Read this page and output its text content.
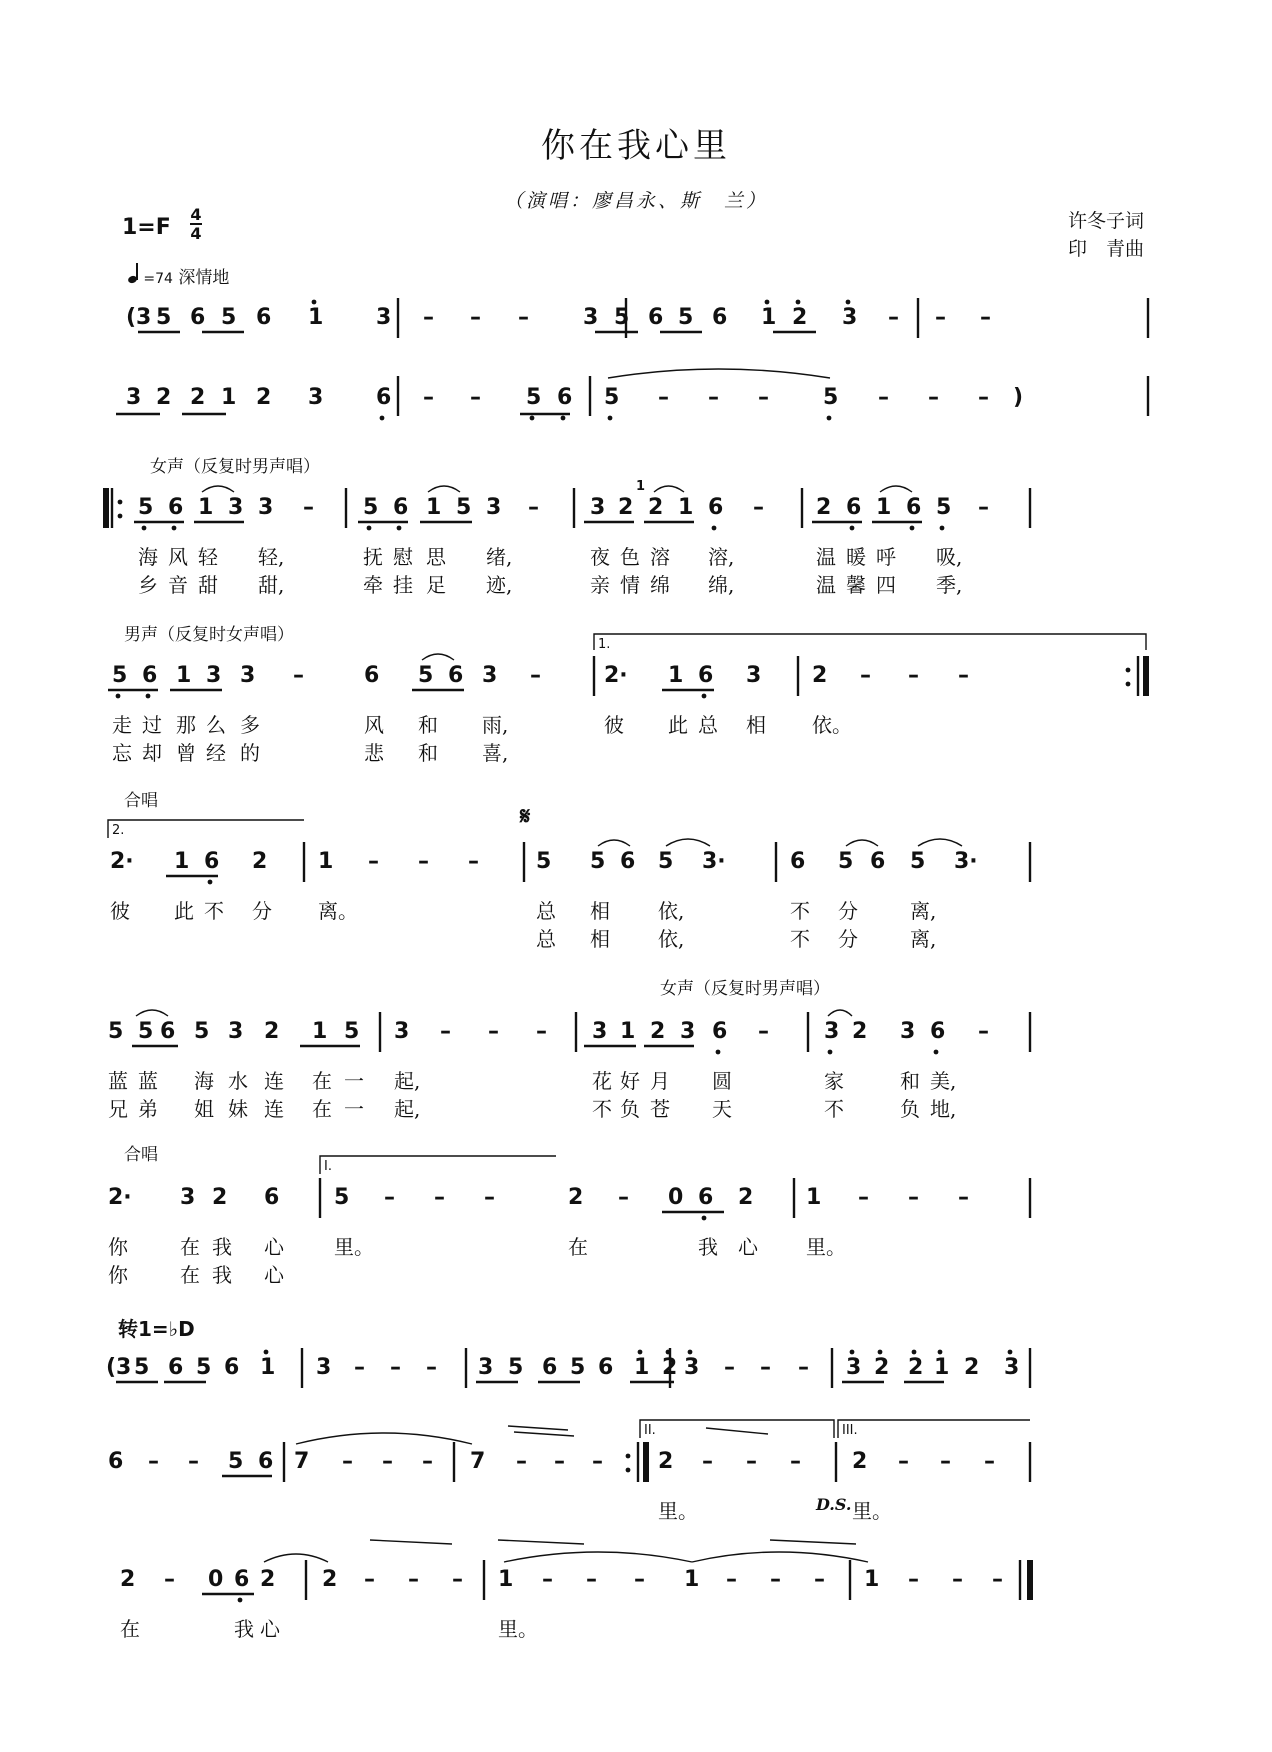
你在我心里
（演唱：廖昌永、斯　兰）
许冬子词
印　青曲
1=F
4
4
=74 深情地
女声（反复时男声唱）
男声（反复时女声唱）
合唱
女声（反复时男声唱）
合唱
转1=♭D
(3 5 6 5 6 1 3 – – – 3 5 6 5 6 1 2 3 – – –
3 2 2 1 2 3 6 – – 5 6 5 – – – 5 – – – )
5 6 1 3 3 – 5 6 1 5 3 – 3 2 2 1 6 – 2 6 1 6 5 –
1
海 风 轻 轻,	抚 慰 思 绪,	夜 色 溶 溶,	温 暖 呼 吸,
乡 音 甜 甜,	牵 挂 足 迹,	亲 情 绵 绵,	温 馨 四 季,
5 6 1 3 3 –	6 5 6 3 –	2· 1 6 3 2 – – –
1.
走 过 那 么 多	风 和 雨,	彼 此 总 相 依。
忘 却 曾 经 的	悲 和 喜,
2· 1 6 2 1 – – –	5 5 6 5 3·	6 5 6 5 3·
2.
𝄋
彼 此 不 分 离。	总 相 依,	不 分	离,
总 相 依,	不 分	离,
5 5 6 5 3 2 1 5 3 – – – 3 1 2 3 6 –	3 2 3 6 –
蓝 蓝 海 水 连 在 一 起,	花 好 月 圆	家	和 美,
兄 弟 姐 妹 连 在 一 起,	不 负 苍 天	不	负 地,
2· 3 2 6 5 – – –	2 – 0 6 2 1 – – –
I.
你	在 我 心	里。	在	我 心 里。
你	在 我 心
(3 5 6 5 6 1 3 – – – 3 5 6 5 6 1 2 3 – – – 3 2 2 1 2 3
6 – – 5 6 7 – – – 7 – – –	2 – – – 2 – – –
II.	III.
D.S.
里。	里。
2 – 0 6 2 2 – – – 1 – – – 1 – – – 1 – – –
在	我 心	里。
